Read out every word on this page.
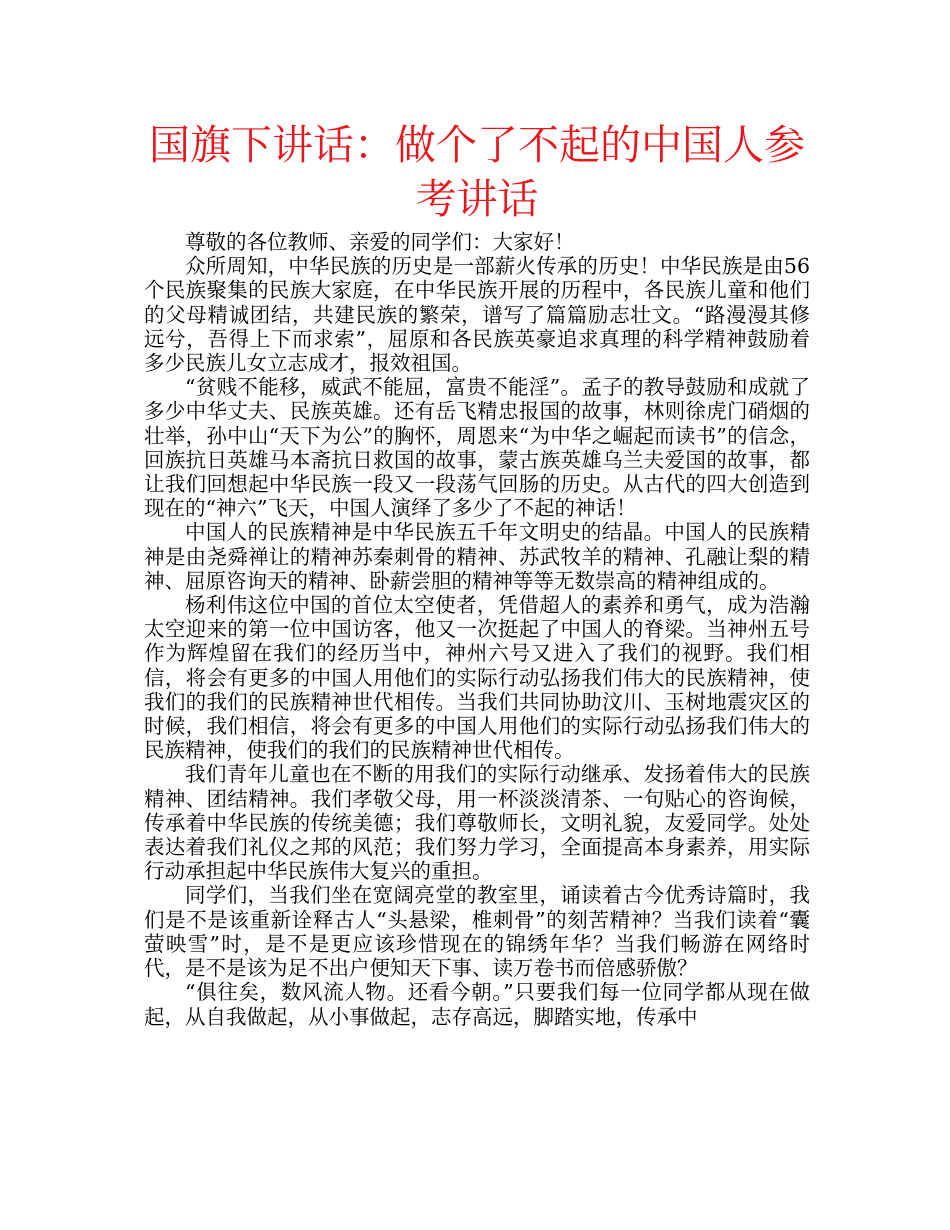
国旗下讲话：做个了不起的中国人参考讲话

尊敬的各位教师、亲爱的同学们：大家好！

众所周知，中华民族的历史是一部薪火传承的历史！中华民族是由56个民族聚集的民族大家庭，在中华民族开展的历程中，各民族儿童和他们的父母精诚团结，共建民族的繁荣，谱写了篇篇励志壮文。“路漫漫其修远兮，吾得上下而求索”，屈原和各民族英豪追求真理的科学精神鼓励着多少民族儿女立志成才，报效祖国。

“贫贱不能移，威武不能屈，富贵不能淫”。孟子的教导鼓励和成就了多少中华丈夫、民族英雄。还有岳飞精忠报国的故事，林则徐虎门硝烟的壮举，孙中山“天下为公”的胸怀，周恩来“为中华之崛起而读书”的信念，回族抗日英雄马本斋抗日救国的故事，蒙古族英雄乌兰夫爱国的故事，都让我们回想起中华民族一段又一段荡气回肠的历史。从古代的四大创造到现在的“神六”飞天，中国人演绎了多少了不起的神话！

中国人的民族精神是中华民族五千年文明史的结晶。中国人的民族精神是由尧舜禅让的精神苏秦刺骨的精神、苏武牧羊的精神、孔融让梨的精神、屈原咨询天的精神、卧薪尝胆的精神等等无数崇高的精神组成的。

杨利伟这位中国的首位太空使者，凭借超人的素养和勇气，成为浩瀚太空迎来的第一位中国访客，他又一次挺起了中国人的脊梁。当神州五号作为辉煌留在我们的经历当中，神州六号又进入了我们的视野。我们相信，将会有更多的中国人用他们的实际行动弘扬我们伟大的民族精神，使我们的我们的民族精神世代相传。当我们共同协助汶川、玉树地震灾区的时候，我们相信，将会有更多的中国人用他们的实际行动弘扬我们伟大的民族精神，使我们的我们的民族精神世代相传。

我们青年儿童也在不断的用我们的实际行动继承、发扬着伟大的民族精神、团结精神。我们孝敬父母，用一杯淡淡清茶、一句贴心的咨询候，传承着中华民族的传统美德；我们尊敬师长，文明礼貌，友爱同学。处处表达着我们礼仪之邦的风范；我们努力学习，全面提高本身素养，用实际行动承担起中华民族伟大复兴的重担。

同学们，当我们坐在宽阔亮堂的教室里，诵读着古今优秀诗篇时，我们是不是该重新诠释古人“头悬梁，椎刺骨”的刻苦精神？当我们读着“囊萤映雪”时，是不是更应该珍惜现在的锦绣年华？当我们畅游在网络时代，是不是该为足不出户便知天下事、读万卷书而倍感骄傲？

“俱往矣，数风流人物。还看今朝。”只要我们每一位同学都从现在做起，从自我做起，从小事做起，志存高远，脚踏实地，传承中
